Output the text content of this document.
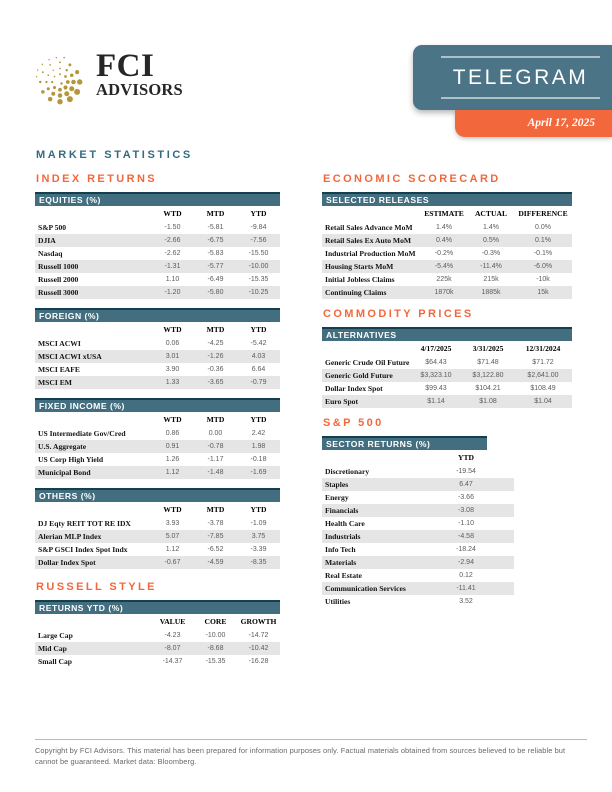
FCI
ADVISORS
TELEGRAM
April 17, 2025
MARKET STATISTICS
INDEX RETURNS
EQUITIES (%)
WTD	MTD	YTD
S&P 500	-1.50	-5.81	-9.84
DJIA	-2.66	-6.75	-7.56
Nasdaq	-2.62	-5.83	-15.50
Russell 1000	-1.31	-5.77	-10.00
Russell 2000	1.10	-6.49	-15.35
Russell 3000	-1.20	-5.80	-10.25
FOREIGN (%)
WTD	MTD	YTD
MSCI ACWI	0.06	-4.25	-5.42
MSCI ACWI xUSA	3.01	-1.26	4.03
MSCI EAFE	3.90	-0.36	6.64
MSCI EM	1.33	-3.65	-0.79
FIXED INCOME (%)
WTD	MTD	YTD
US Intermediate Gov/Cred	0.86	0.00	2.42
U.S. Aggregate	0.91	-0.78	1.98
US Corp High Yield	1.26	-1.17	-0.18
Municipal Bond	1.12	-1.48	-1.69
OTHERS (%)
WTD	MTD	YTD
DJ Eqty REIT TOT RE IDX	3.93	-3.78	-1.09
Alerian MLP Index	5.07	-7.85	3.75
S&P GSCI Index Spot Indx	1.12	-6.52	-3.39
Dollar Index Spot	-0.67	-4.59	-8.35
RUSSELL STYLE
RETURNS YTD (%)
VALUE	CORE	GROWTH
Large Cap	-4.23	-10.00	-14.72
Mid Cap	-8.07	-8.68	-10.42
Small Cap	-14.37	-15.35	-16.28
ECONOMIC SCORECARD
SELECTED RELEASES
ESTIMATE	ACTUAL	DIFFERENCE
Retail Sales Advance MoM	1.4%	1.4%	0.0%
Retail Sales Ex Auto MoM	0.4%	0.5%	0.1%
Industrial Production MoM	-0.2%	-0.3%	-0.1%
Housing Starts MoM	-5.4%	-11.4%	-6.0%
Initial Jobless Claims	225k	215k	-10k
Continuing Claims	1870k	1885k	15k
COMMODITY PRICES
ALTERNATIVES
4/17/2025	3/31/2025	12/31/2024
Generic Crude Oil Future	$64.43	$71.48	$71.72
Generic Gold Future	$3,323.10	$3,122.80	$2,641.00
Dollar Index Spot	$99.43	$104.21	$108.49
Euro Spot	$1.14	$1.08	$1.04
S&P 500
SECTOR RETURNS (%)
YTD
Discretionary	-19.54
Staples	6.47
Energy	-3.66
Financials	-3.08
Health Care	-1.10
Industrials	-4.58
Info Tech	-18.24
Materials	-2.94
Real Estate	0.12
Communication Services	-11.41
Utilities	3.52
Copyright by FCI Advisors. This material has been prepared for information purposes only. Factual materials obtained from sources believed to be reliable but cannot be guaranteed. Market data: Bloomberg.
